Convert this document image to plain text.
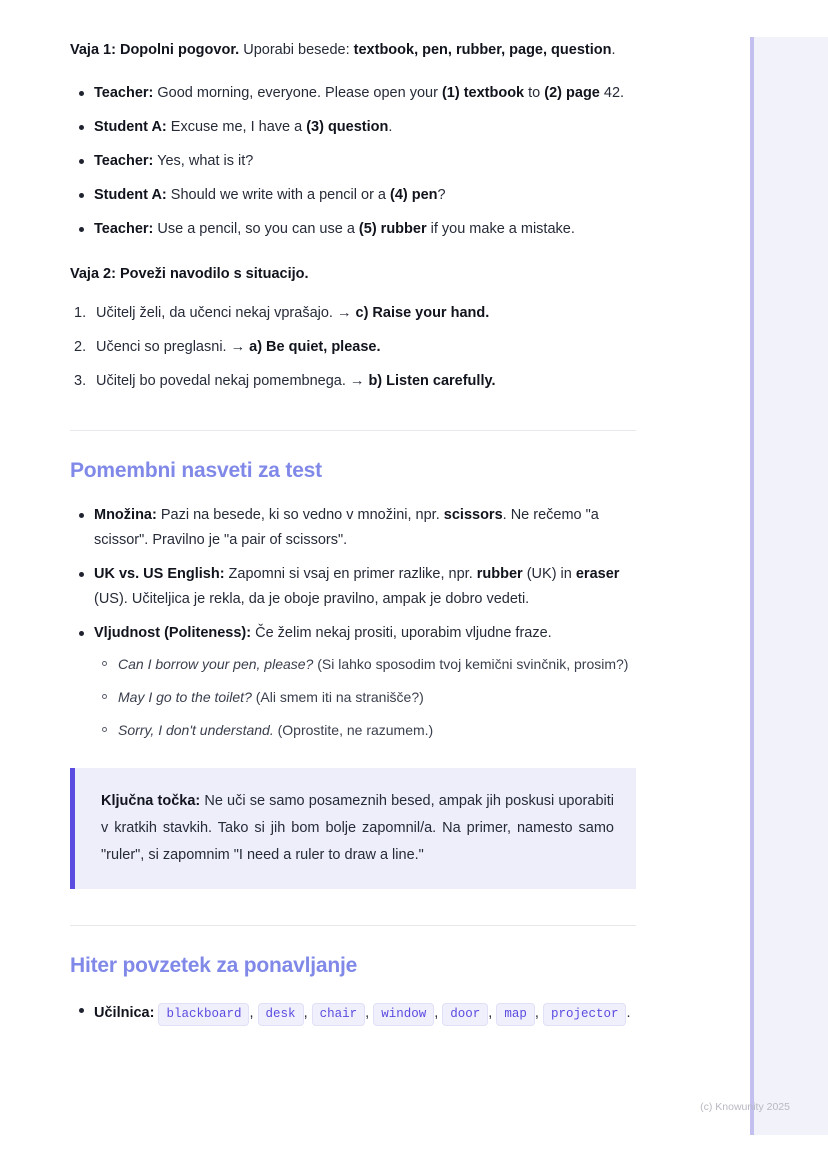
Vaja 1: Dopolni pogovor. Uporabi besede: textbook, pen, rubber, page, question.

Teacher: Good morning, everyone. Please open your (1) textbook to (2) page 42.
Student A: Excuse me, I have a (3) question.
Teacher: Yes, what is it?
Student A: Should we write with a pencil or a (4) pen?
Teacher: Use a pencil, so you can use a (5) rubber if you make a mistake.

Vaja 2: Poveži navodilo s situacijo.

Učitelj želi, da učenci nekaj vprašajo. → c) Raise your hand.
Učenci so preglasni. → a) Be quiet, please.
Učitelj bo povedal nekaj pomembnega. → b) Listen carefully.
Pomembni nasveti za test
Množina: Pazi na besede, ki so vedno v množini, npr. scissors. Ne rečemo "a scissor". Pravilno je "a pair of scissors".
UK vs. US English: Zapomni si vsaj en primer razlike, npr. rubber (UK) in eraser (US). Učiteljica je rekla, da je oboje pravilno, ampak je dobro vedeti.
Vljudnost (Politeness): Če želim nekaj prositi, uporabim vljudne fraze.
Can I borrow your pen, please? (Si lahko sposodim tvoj kemični svinčnik, prosim?)
May I go to the toilet? (Ali smem iti na stranišče?)
Sorry, I don't understand. (Oprostite, ne razumem.)

Ključna točka: Ne uči se samo posameznih besed, ampak jih poskusi uporabiti v kratkih stavkih. Tako si jih bom bolje zapomnil/a. Na primer, namesto samo "ruler", si zapomnim "I need a ruler to draw a line."

Hiter povzetek za ponavljanje
Učilnica: blackboard , desk , chair , window , door , map , projector .
(c) Knowunity 2025
